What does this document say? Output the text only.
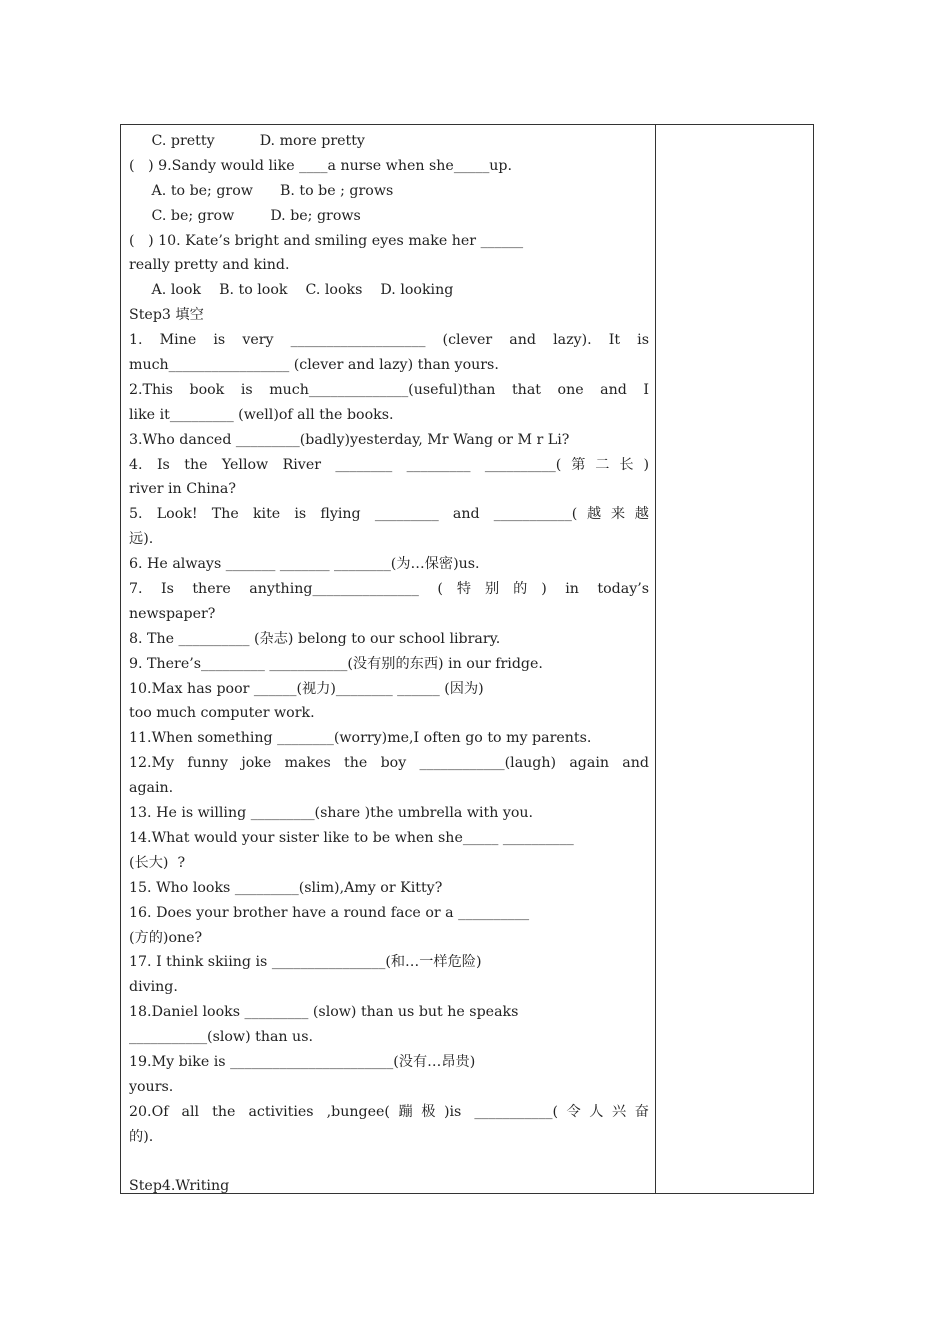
C. pretty          D. more pretty
(   ) 9.Sandy would like ____a nurse when she_____up.
A. to be; grow      B. to be ; grows
C. be; grow        D. be; grows
(   ) 10. Kate’s bright and smiling eyes make her ______
really pretty and kind.
A. look    B. to look    C. looks    D. looking
Step3 填空
1. Mine is very ___________________ (clever and lazy). It is
much_________________ (clever and lazy) than yours.
2.This book is much______________(useful)than that one and I
like it_________ (well)of all the books.
3.Who danced _________(badly)yesterday, Mr Wang or M r Li?
4. Is the Yellow River ________ _________ __________(第二长)
river in China?
5. Look! The kite is flying _________ and ___________(越来越
远).
6. He always _______ _______ ________(为…保密)us.
7. Is there anything_______________ (特别的) in today’s
newspaper?
8. The __________ (杂志) belong to our school library.
9. There’s_________ ___________(没有别的东西) in our fridge.
10.Max has poor ______(视力)________ ______ (因为)
too much computer work.
11.When something ________(worry)me,I often go to my parents.
12.My funny joke makes the boy ____________(laugh) again and
again.
13. He is willing _________(share )the umbrella with you.
14.What would your sister like to be when she_____ __________
(长大)  ?
15. Who looks _________(slim),Amy or Kitty?
16. Does your brother have a round face or a __________
(方的)one?
17. I think skiing is ________________(和…一样危险)
diving.
18.Daniel looks _________ (slow) than us but he speaks
___________(slow) than us.
19.My bike is _______________________(没有…昂贵)
yours.
20.Of all the activities ,bungee(蹦极)is ___________(令人兴奋
的).
Step4.Writing
